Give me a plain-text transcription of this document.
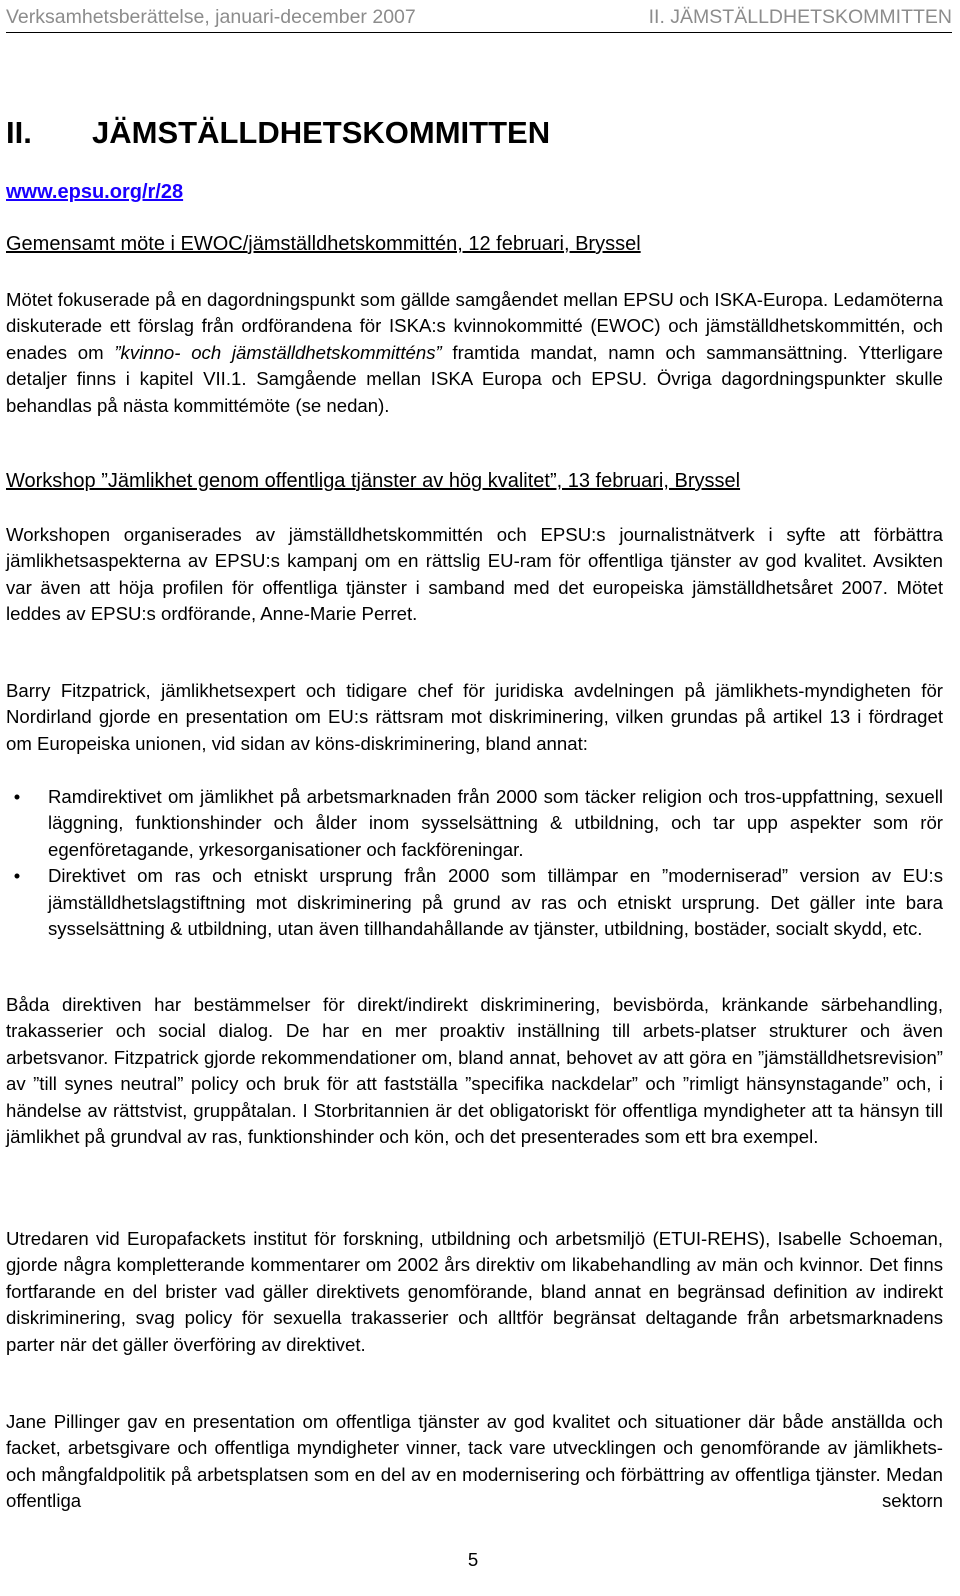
Verksamhetsberättelse, januari-december 2007	II. JÄMSTÄLLDHETSKOMMITTEN
II. JÄMSTÄLLDHETSKOMMITTEN
www.epsu.org/r/28
Gemensamt möte i EWOC/jämställdhetskommittén, 12 februari, Bryssel

Mötet fokuserade på en dagordningspunkt som gällde samgåendet mellan EPSU och ISKA-Europa. Ledamöterna diskuterade ett förslag från ordförandena för ISKA:s kvinnokommitté (EWOC) och jämställdhetskommittén, och enades om ”kvinno- och jämställdhetskommitténs” framtida mandat, namn och sammansättning. Ytterligare detaljer finns i kapitel VII.1. Samgående mellan ISKA Europa och EPSU. Övriga dagordningspunkter skulle behandlas på nästa kommittémöte (se nedan).

Workshop ”Jämlikhet genom offentliga tjänster av hög kvalitet”, 13 februari, Bryssel

Workshopen organiserades av jämställdhetskommittén och EPSU:s journalistnätverk i syfte att förbättra jämlikhetsaspekterna av EPSU:s kampanj om en rättslig EU-ram för offentliga tjänster av god kvalitet. Avsikten var även att höja profilen för offentliga tjänster i samband med det europeiska jämställdhetsåret 2007. Mötet leddes av EPSU:s ordförande, Anne-Marie Perret.

Barry Fitzpatrick, jämlikhetsexpert och tidigare chef för juridiska avdelningen på jämlikhets-myndigheten för Nordirland gjorde en presentation om EU:s rättsram mot diskriminering, vilken grundas på artikel 13 i fördraget om Europeiska unionen, vid sidan av köns-diskriminering, bland annat:

•	Ramdirektivet om jämlikhet på arbetsmarknaden från 2000 som täcker religion och tros-uppfattning, sexuell läggning, funktionshinder och ålder inom sysselsättning & utbildning, och tar upp aspekter som rör egenföretagande, yrkesorganisationer och fackföreningar.
•	Direktivet om ras och etniskt ursprung från 2000 som tillämpar en ”moderniserad” version av EU:s jämställdhetslagstiftning mot diskriminering på grund av ras och etniskt ursprung. Det gäller inte bara sysselsättning & utbildning, utan även tillhandahållande av tjänster, utbildning, bostäder, socialt skydd, etc.

Båda direktiven har bestämmelser för direkt/indirekt diskriminering, bevisbörda, kränkande särbehandling, trakasserier och social dialog. De har en mer proaktiv inställning till arbets-platser strukturer och även arbetsvanor. Fitzpatrick gjorde rekommendationer om, bland annat, behovet av att göra en ”jämställdhetsrevision” av ”till synes neutral” policy och bruk för att fastställa ”specifika nackdelar” och ”rimligt hänsynstagande” och, i händelse av rättstvist, gruppåtalan. I Storbritannien är det obligatoriskt för offentliga myndigheter att ta hänsyn till jämlikhet på grundval av ras, funktionshinder och kön, och det presenterades som ett bra exempel.

Utredaren vid Europafackets institut för forskning, utbildning och arbetsmiljö (ETUI-REHS), Isabelle Schoeman, gjorde några kompletterande kommentarer om 2002 års direktiv om likabehandling av män och kvinnor. Det finns fortfarande en del brister vad gäller direktivets genomförande, bland annat en begränsad definition av indirekt diskriminering, svag policy för sexuella trakasserier och alltför begränsat deltagande från arbetsmarknadens parter när det gäller överföring av direktivet.

Jane Pillinger gav en presentation om offentliga tjänster av god kvalitet och situationer där både anställda och facket, arbetsgivare och offentliga myndigheter vinner, tack vare utvecklingen och genomförande av jämlikhets- och mångfaldpolitik på arbetsplatsen som en del av en modernisering och förbättring av offentliga tjänster. Medan offentliga sektorn

5
